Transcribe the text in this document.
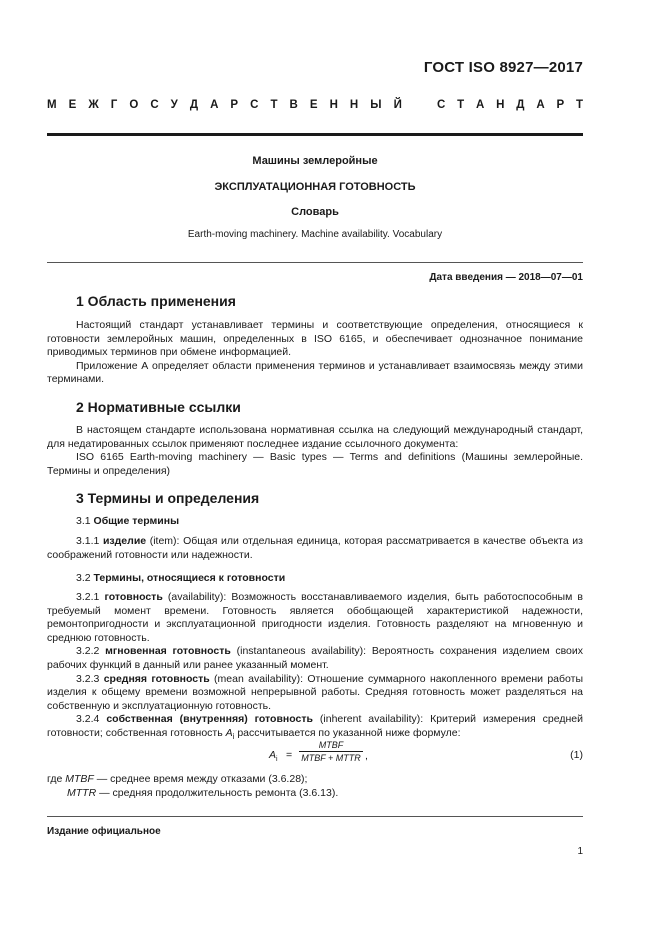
ГОСТ ISO 8927—2017
М Е Ж Г О С У Д А Р С Т В Е Н Н Ы Й	С Т А Н Д А Р Т
Машины землеройные
ЭКСПЛУАТАЦИОННАЯ ГОТОВНОСТЬ
Словарь
Earth-moving machinery. Machine availability. Vocabulary
Дата введения — 2018—07—01
1 Область применения

Настоящий стандарт устанавливает термины и соответствующие определения, относящиеся к готовности землеройных машин, определенных в ISO 6165, и обеспечивает однозначное понимание приводимых терминов при обмене информацией.

Приложение А определяет области применения терминов и устанавливает взаимосвязь между этими терминами.

2 Нормативные ссылки

В настоящем стандарте использована нормативная ссылка на следующий международный стандарт, для недатированных ссылок применяют последнее издание ссылочного документа:

ISO 6165 Earth-moving machinery — Basic types — Terms and definitions (Машины землеройные. Термины и определения)

3 Термины и определения

3.1 Общие термины

3.1.1 изделие (item): Общая или отдельная единица, которая рассматривается в качестве объекта из соображений готовности или надежности.

3.2 Термины, относящиеся к готовности

3.2.1 готовность (availability): Возможность восстанавливаемого изделия, быть работоспособным в требуемый момент времени. Готовность является обобщающей характеристикой надежности, ремонтопригодности и эксплуатационной пригодности изделия. Готовность разделяют на мгновенную и среднюю готовность.

3.2.2 мгновенная готовность (instantaneous availability): Вероятность сохранения изделием своих рабочих функций в данный или ранее указанный момент.

3.2.3 средняя готовность (mean availability): Отношение суммарного накопленного времени работы изделия к общему времени возможной непрерывной работы. Средняя готовность может разделяться на собственную и эксплуатационную готовность.

3.2.4 собственная (внутренняя) готовность (inherent availability): Критерий измерения средней готовности; собственная готовность $A_i$ рассчитывается по указанной ниже формуле:

$A_i$ =
MTBF
MTBF + MTTR ,	(1)

где MTBF — среднее время между отказами (3.6.28);

MTTR — средняя продолжительность ремонта (3.6.13).

Издание официальное
1
